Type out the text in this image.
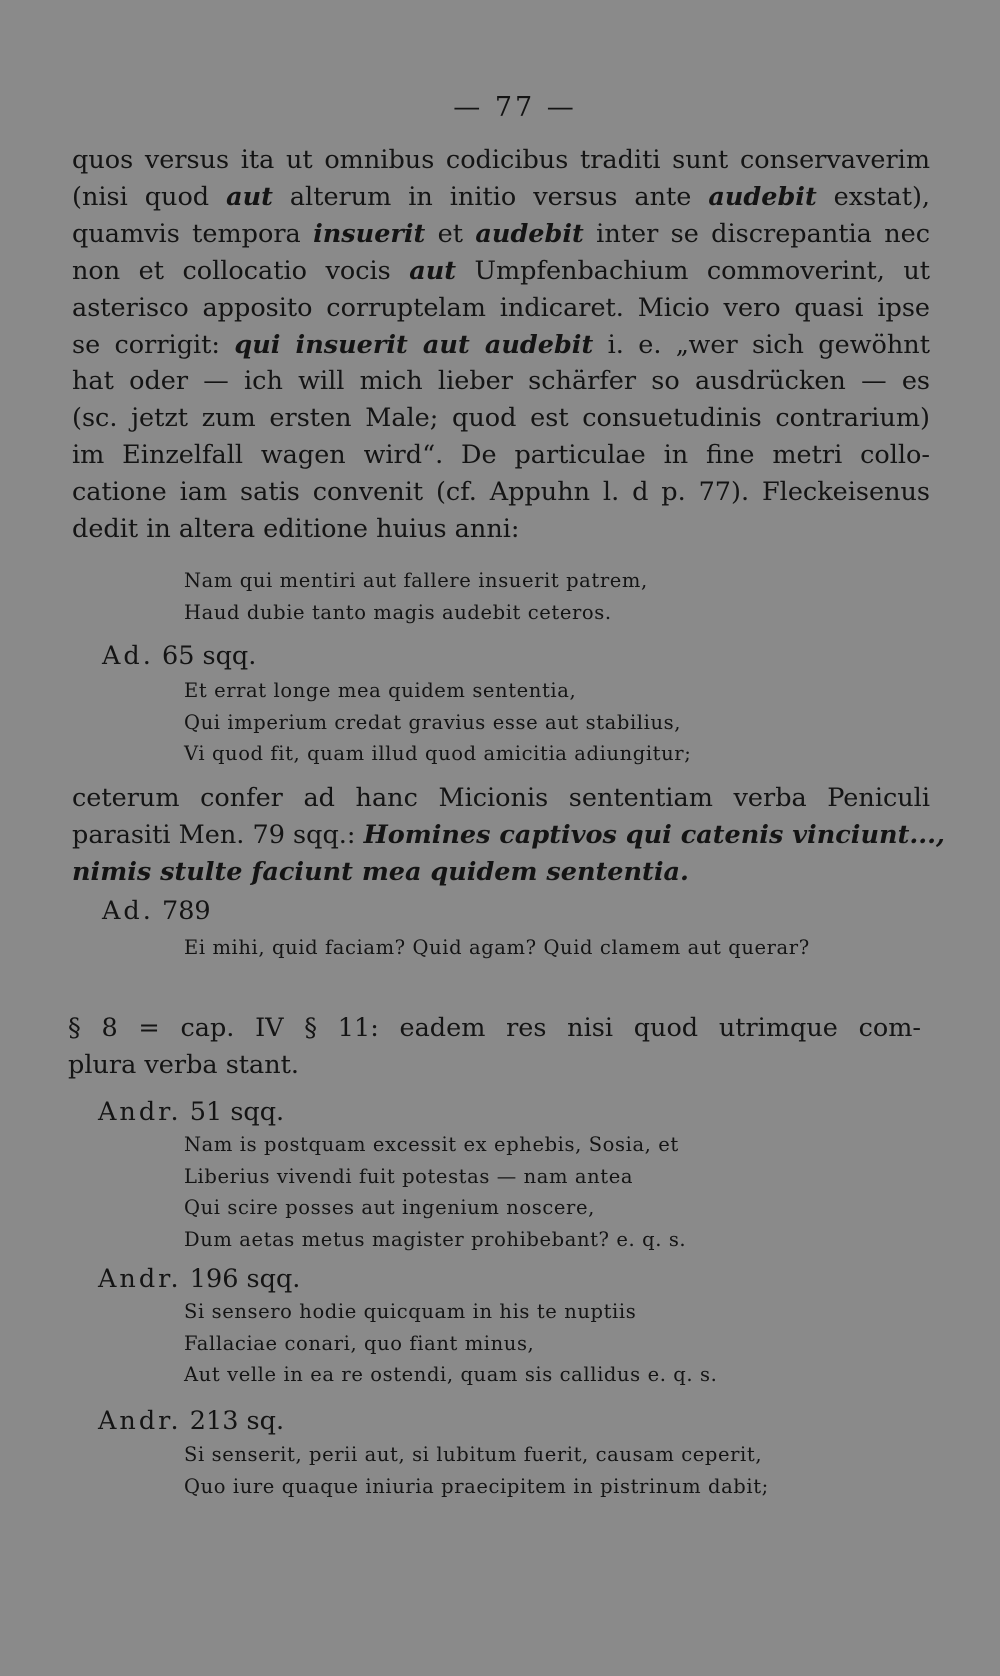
— 77 —
quos versus ita ut omnibus codicibus traditi sunt conservaverim
(nisi quod aut alterum in initio versus ante audebit exstat),
quamvis tempora insuerit et audebit inter se discrepantia nec
non et collocatio vocis aut Umpfenbachium commoverint, ut
asterisco apposito corruptelam indicaret. Micio vero quasi ipse
se corrigit: qui insuerit aut audebit i. e. „wer sich gewöhnt
hat oder — ich will mich lieber schärfer so ausdrücken — es
(sc. jetzt zum ersten Male; quod est consuetudinis contrarium)
im Einzelfall wagen wird“. De particulae in fine metri collo-
catione iam satis convenit (cf. Appuhn l. d p. 77). Fleckeisenus
dedit in altera editione huius anni:
Nam qui mentiri aut fallere insuerit patrem,
Haud dubie tanto magis audebit ceteros.
Ad. 65 sqq.
Et errat longe mea quidem sententia,
Qui imperium credat gravius esse aut stabilius,
Vi quod fit, quam illud quod amicitia adiungitur;
ceterum confer ad hanc Micionis sententiam verba Peniculi
parasiti Men. 79 sqq.: Homines captivos qui catenis vinciunt...,
nimis stulte faciunt mea quidem sententia.
Ad. 789
Ei mihi, quid faciam? Quid agam? Quid clamem aut querar?
§ 8 = cap. IV § 11: eadem res nisi quod utrimque com-
plura verba stant.
Andr. 51 sqq.
Nam is postquam excessit ex ephebis, Sosia, et
Liberius vivendi fuit potestas — nam antea
Qui scire posses aut ingenium noscere,
Dum aetas metus magister prohibebant? e. q. s.
Andr. 196 sqq.
Si sensero hodie quicquam in his te nuptiis
Fallaciae conari, quo fiant minus,
Aut velle in ea re ostendi, quam sis callidus e. q. s.
Andr. 213 sq.
Si senserit, perii aut, si lubitum fuerit, causam ceperit,
Quo iure quaque iniuria praecipitem in pistrinum dabit;
